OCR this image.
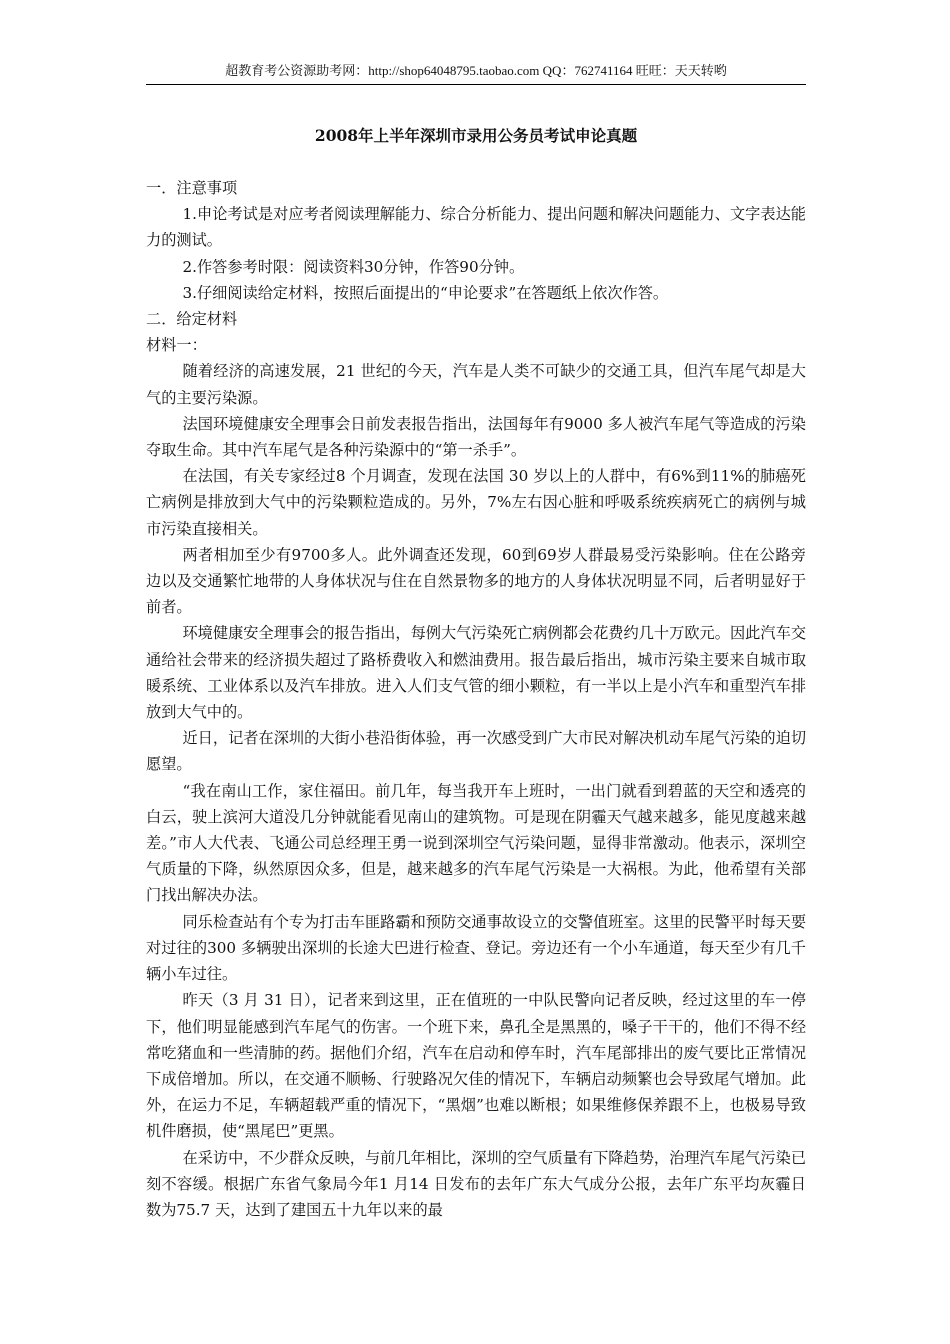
超教育考公资源助考网：http://shop64048795.taobao.com QQ：762741164 旺旺：天天转哟
2008年上半年深圳市录用公务员考试申论真题

一．注意事项

1.申论考试是对应考者阅读理解能力、综合分析能力、提出问题和解决问题能力、文字表达能力的测试。

2.作答参考时限：阅读资料30分钟，作答90分钟。

3.仔细阅读给定材料，按照后面提出的“申论要求”在答题纸上依次作答。

二．给定材料

材料一：

随着经济的高速发展，21 世纪的今天，汽车是人类不可缺少的交通工具，但汽车尾气却是大气的主要污染源。

法国环境健康安全理事会日前发表报告指出，法国每年有9000 多人被汽车尾气等造成的污染夺取生命。其中汽车尾气是各种污染源中的“第一杀手”。

在法国，有关专家经过8 个月调查，发现在法国 30 岁以上的人群中，有6%到11%的肺癌死亡病例是排放到大气中的污染颗粒造成的。另外，7%左右因心脏和呼吸系统疾病死亡的病例与城市污染直接相关。

两者相加至少有9700多人。此外调查还发现，60到69岁人群最易受污染影响。住在公路旁边以及交通繁忙地带的人身体状况与住在自然景物多的地方的人身体状况明显不同，后者明显好于前者。

环境健康安全理事会的报告指出，每例大气污染死亡病例都会花费约几十万欧元。因此汽车交通给社会带来的经济损失超过了路桥费收入和燃油费用。报告最后指出，城市污染主要来自城市取暖系统、工业体系以及汽车排放。进入人们支气管的细小颗粒，有一半以上是小汽车和重型汽车排放到大气中的。

近日，记者在深圳的大街小巷沿街体验，再一次感受到广大市民对解决机动车尾气污染的迫切愿望。

“我在南山工作，家住福田。前几年，每当我开车上班时，一出门就看到碧蓝的天空和透亮的白云，驶上滨河大道没几分钟就能看见南山的建筑物。可是现在阴霾天气越来越多，能见度越来越差。”市人大代表、飞通公司总经理王勇一说到深圳空气污染问题，显得非常激动。他表示，深圳空气质量的下降，纵然原因众多，但是，越来越多的汽车尾气污染是一大祸根。为此，他希望有关部门找出解决办法。

同乐检查站有个专为打击车匪路霸和预防交通事故设立的交警值班室。这里的民警平时每天要对过往的300 多辆驶出深圳的长途大巴进行检查、登记。旁边还有一个小车通道，每天至少有几千辆小车过往。

昨天（3 月 31 日），记者来到这里，正在值班的一中队民警向记者反映，经过这里的车一停下，他们明显能感到汽车尾气的伤害。一个班下来，鼻孔全是黑黑的，嗓子干干的，他们不得不经常吃猪血和一些清肺的药。据他们介绍，汽车在启动和停车时，汽车尾部排出的废气要比正常情况下成倍增加。所以，在交通不顺畅、行驶路况欠佳的情况下，车辆启动频繁也会导致尾气增加。此外，在运力不足，车辆超载严重的情况下，“黑烟”也难以断根；如果维修保养跟不上，也极易导致机件磨损，使“黑尾巴”更黑。

在采访中，不少群众反映，与前几年相比，深圳的空气质量有下降趋势，治理汽车尾气污染已刻不容缓。根据广东省气象局今年1 月14 日发布的去年广东大气成分公报，去年广东平均灰霾日数为75.7 天，达到了建国五十九年以来的最
